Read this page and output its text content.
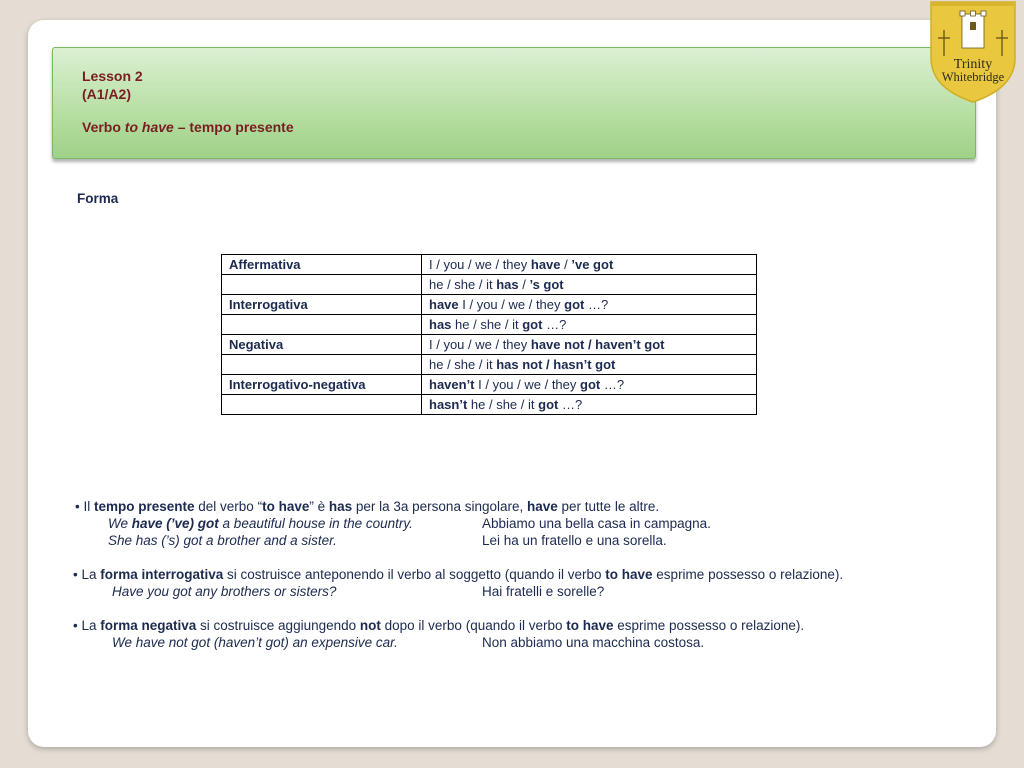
Lesson 2
(A1/A2)
Verbo to have – tempo presente
Trinity
Whitebridge
Forma
Affermativa	I / you / we / they have / ’ve got
	he / she / it has / ’s got
Interrogativa	have I / you / we / they got …?
	has he / she / it got …?
Negativa	I / you / we / they have not / haven’t got
	he / she / it has not / hasn’t got
Interrogativo-negativa	haven’t I / you / we / they got …?
	hasn’t he / she / it got …?
• Il tempo presente del verbo “to have” è has per la 3a persona singolare, have per tutte le altre.
We have (’ve) got a beautiful house in the country.	Abbiamo una bella casa in campagna.
She has (’s) got a brother and a sister.	Lei ha un fratello e una sorella.
• La forma interrogativa si costruisce anteponendo il verbo al soggetto (quando il verbo to have esprime possesso o relazione).
Have you got any brothers or sisters?	Hai fratelli e sorelle?
• La forma negativa si costruisce aggiungendo not dopo il verbo (quando il verbo to have esprime possesso o relazione).
We have not got (haven’t got) an expensive car.	Non abbiamo una macchina costosa.
